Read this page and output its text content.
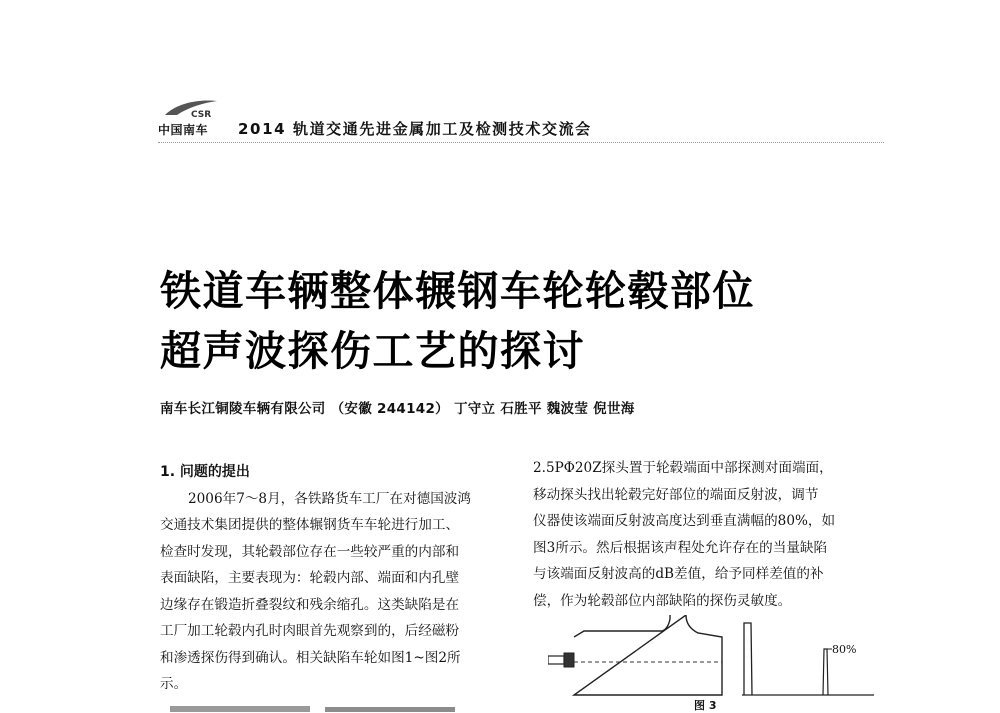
CSR
中国南车 2014 轨道交通先进金属加工及检测技术交流会
铁道车辆整体辗钢车轮轮毂部位
超声波探伤工艺的探讨
南车长江铜陵车辆有限公司 （安徽 244142） 丁守立 石胜平 魏波莹 倪世海
1. 问题的提出
2006年7～8月，各铁路货车工厂在对德国波鸿
交通技术集团提供的整体辗钢货车车轮进行加工、
检查时发现，其轮毂部位存在一些较严重的内部和
表面缺陷，主要表现为：轮毂内部、端面和内孔壁
边缘存在锻造折叠裂纹和残余缩孔。这类缺陷是在
工厂加工轮毂内孔时肉眼首先观察到的，后经磁粉
和渗透探伤得到确认。相关缺陷车轮如图1~图2所
示。
2.5PΦ20Z探头置于轮毂端面中部探测对面端面，
移动探头找出轮毂完好部位的端面反射波，调节
仪器使该端面反射波高度达到垂直满幅的80%，如
图3所示。然后根据该声程处允许存在的当量缺陷
与该端面反射波高的dB差值，给予同样差值的补
偿，作为轮毂部位内部缺陷的探伤灵敏度。
80%
图 3
